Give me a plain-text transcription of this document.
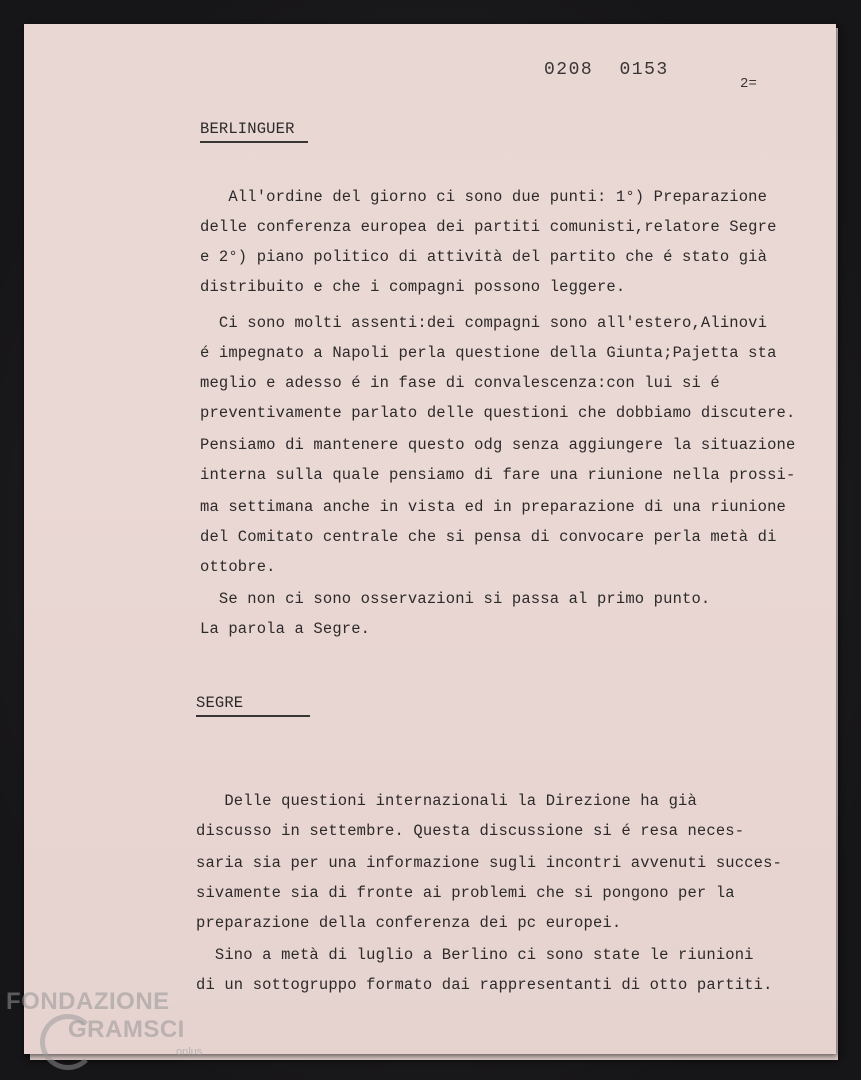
0208 0153
2=
BERLINGUER
All'ordine del giorno ci sono due punti: 1°) Preparazione
delle conferenza europea dei partiti comunisti,relatore Segre
e 2°) piano politico di attività del partito che é stato già
distribuito e che i compagni possono leggere.
Ci sono molti assenti:dei compagni sono all'estero,Alinovi
é impegnato a Napoli perla questione della Giunta;Pajetta sta
meglio e adesso é in fase di convalescenza:con lui si é
preventivamente parlato delle questioni che dobbiamo discutere.
Pensiamo di mantenere questo odg senza aggiungere la situazione
interna sulla quale pensiamo di fare una riunione nella prossi-
ma settimana anche in vista ed in preparazione di una riunione
del Comitato centrale che si pensa di convocare perla metà di
ottobre.
Se non ci sono osservazioni si passa al primo punto.
La parola a Segre.
SEGRE
Delle questioni internazionali la Direzione ha già
discusso in settembre. Questa discussione si é resa neces-
saria sia per una informazione sugli incontri avvenuti succes-
sivamente sia di fronte ai problemi che si pongono per la
preparazione della conferenza dei pc europei.
Sino a metà di luglio a Berlino ci sono state le riunioni
di un sottogruppo formato dai rappresentanti di otto partiti.
FONDAZIONE
GRAMSCI
onlus
